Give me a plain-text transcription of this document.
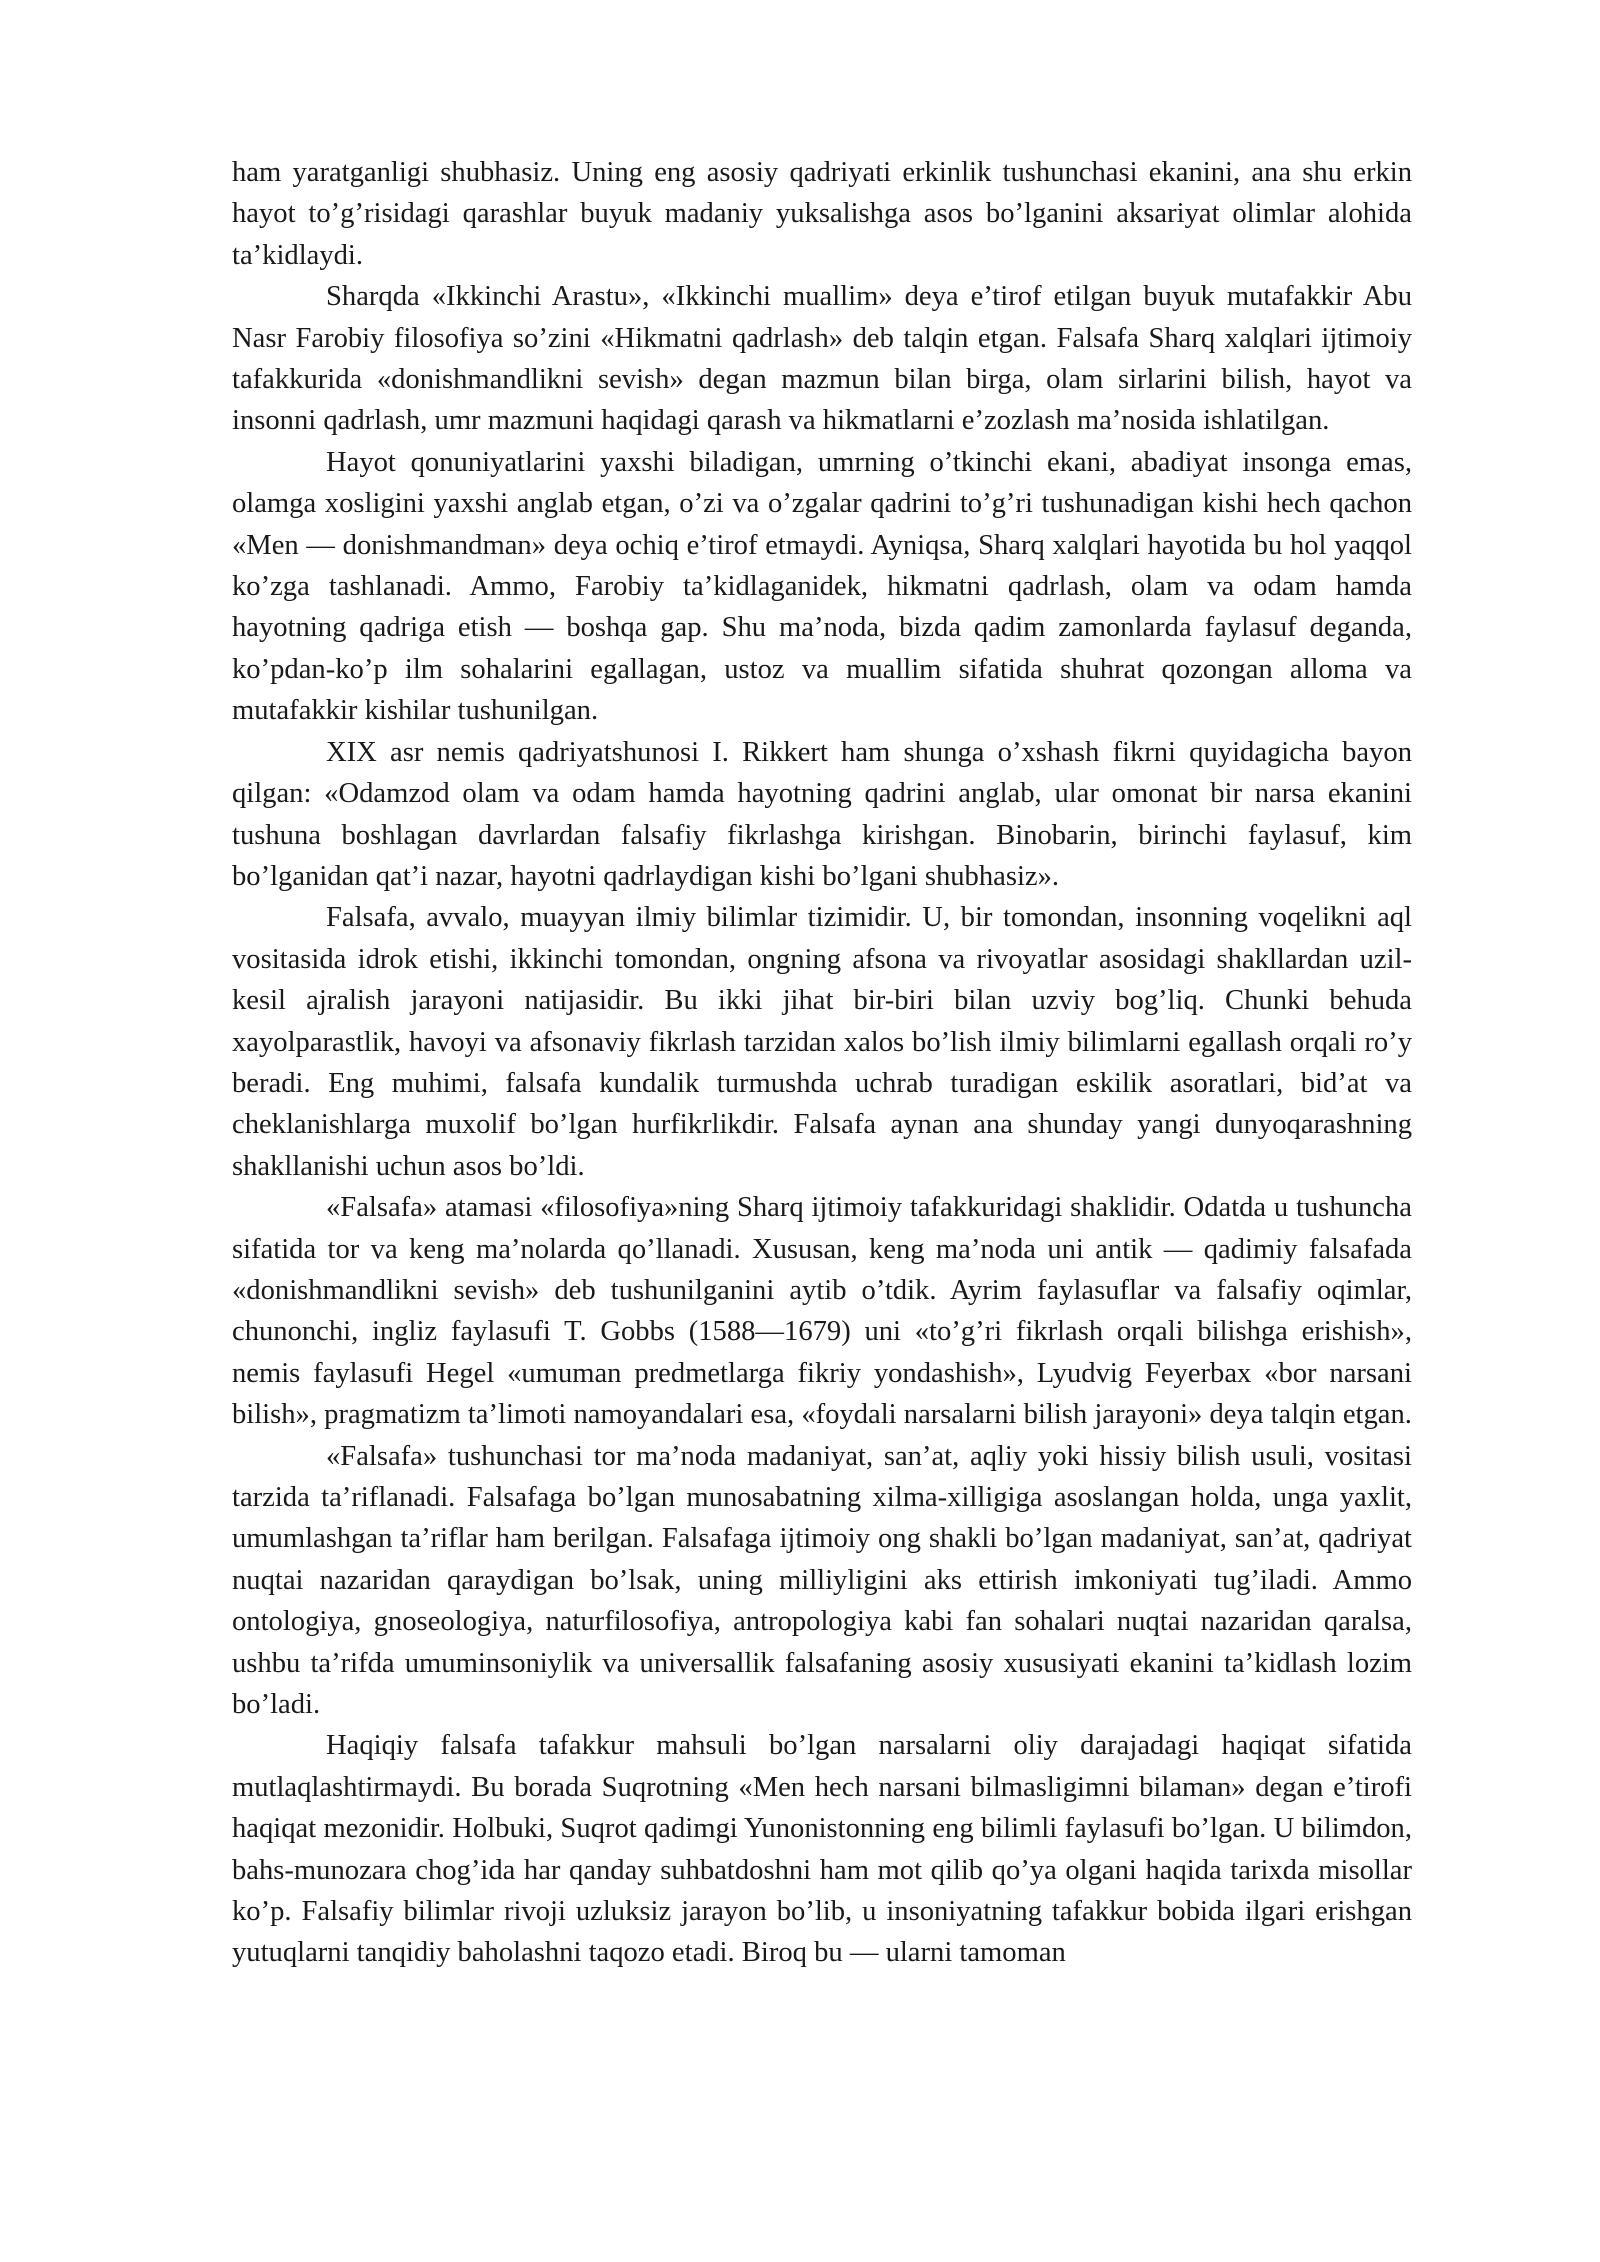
ham yaratganligi shubhasiz. Uning eng asosiy qadriyati erkinlik tushunchasi ekanini, ana shu erkin hayot to’g’risidagi qarashlar buyuk madaniy yuksalishga asos bo’lganini aksariyat olimlar alohida ta’kidlaydi.

Sharqda «Ikkinchi Arastu», «Ikkinchi muallim» deya e’tirof etilgan buyuk mutafakkir Abu Nasr Farobiy filosofiya so’zini «Hikmatni qadrlash» deb talqin etgan. Falsafa Sharq xalqlari ijtimoiy tafakkurida «donishmandlikni sevish» degan mazmun bilan birga, olam sirlarini bilish, hayot va insonni qadrlash, umr mazmuni haqidagi qarash va hikmatlarni e’zozlash ma’nosida ishlatilgan.

Hayot qonuniyatlarini yaxshi biladigan, umrning o’tkinchi ekani, abadiyat insonga emas, olamga xosligini yaxshi anglab etgan, o’zi va o’zgalar qadrini to’g’ri tushunadigan kishi hech qachon «Men — donishmandman» deya ochiq e’tirof etmaydi. Ayniqsa, Sharq xalqlari hayotida bu hol yaqqol ko’zga tashlanadi. Ammo, Farobiy ta’kidlaganidek, hikmatni qadrlash, olam va odam hamda hayotning qadriga etish — boshqa gap. Shu ma’noda, bizda qadim zamonlarda faylasuf deganda, ko’pdan-ko’p ilm sohalarini egallagan, ustoz va muallim sifatida shuhrat qozongan alloma va mutafakkir kishilar tushunilgan.

XIX asr nemis qadriyatshunosi I. Rikkert ham shunga o’xshash fikrni quyidagicha bayon qilgan: «Odamzod olam va odam hamda hayotning qadrini anglab, ular omonat bir narsa ekanini tushuna boshlagan davrlardan falsafiy fikrlashga kirishgan. Binobarin, birinchi faylasuf, kim bo’lganidan qat’i nazar, hayotni qadrlaydigan kishi bo’lgani shubhasiz».

Falsafa, avvalo, muayyan ilmiy bilimlar tizimidir. U, bir tomondan, insonning voqelikni aql vositasida idrok etishi, ikkinchi tomondan, ongning afsona va rivoyatlar asosidagi shakllardan uzil-kesil ajralish jarayoni natijasidir. Bu ikki jihat bir-biri bilan uzviy bog’liq. Chunki behuda xayolparastlik, havoyi va afsonaviy fikrlash tarzidan xalos bo’lish ilmiy bilimlarni egallash orqali ro’y beradi. Eng muhimi, falsafa kundalik turmushda uchrab turadigan eskilik asoratlari, bid’at va cheklanishlarga muxolif bo’lgan hurfikrlikdir. Falsafa aynan ana shunday yangi dunyoqarashning shakllanishi uchun asos bo’ldi.

«Falsafa» atamasi «filosofiya»ning Sharq ijtimoiy tafakkuridagi shaklidir. Odatda u tushuncha sifatida tor va keng ma’nolarda qo’llanadi. Xususan, keng ma’noda uni antik — qadimiy falsafada «donishmandlikni sevish» deb tushunilganini aytib o’tdik. Ayrim faylasuflar va falsafiy oqimlar, chunonchi, ingliz faylasufi T. Gobbs (1588—1679) uni «to’g’ri fikrlash orqali bilishga erishish», nemis faylasufi Hegel «umuman predmetlarga fikriy yondashish», Lyudvig Feyerbax «bor narsani bilish», pragmatizm ta’limoti namoyandalari esa, «foydali narsalarni bilish jarayoni» deya talqin etgan.

«Falsafa» tushunchasi tor ma’noda madaniyat, san’at, aqliy yoki hissiy bilish usuli, vositasi tarzida ta’riflanadi. Falsafaga bo’lgan munosabatning xilma-xilligiga asoslangan holda, unga yaxlit, umumlashgan ta’riflar ham berilgan. Falsafaga ijtimoiy ong shakli bo’lgan madaniyat, san’at, qadriyat nuqtai nazaridan qaraydigan bo’lsak, uning milliyligini aks ettirish imkoniyati tug’iladi. Ammo ontologiya, gnoseologiya, naturfilosofiya, antropologiya kabi fan sohalari nuqtai nazaridan qaralsa, ushbu ta’rifda umuminsoniylik va universallik falsafaning asosiy xususiyati ekanini ta’kidlash lozim bo’ladi.

Haqiqiy falsafa tafakkur mahsuli bo’lgan narsalarni oliy darajadagi haqiqat sifatida mutlaqlashtirmaydi. Bu borada Suqrotning «Men hech narsani bilmasligimni bilaman» degan e’tirofi haqiqat mezonidir. Holbuki, Suqrot qadimgi Yunonistonning eng bilimli faylasufi bo’lgan. U bilimdon, bahs-munozara chog’ida har qanday suhbatdoshni ham mot qilib qo’ya olgani haqida tarixda misollar ko’p. Falsafiy bilimlar rivoji uzluksiz jarayon bo’lib, u insoniyatning tafakkur bobida ilgari erishgan yutuqlarni tanqidiy baholashni taqozo etadi. Biroq bu — ularni tamoman
